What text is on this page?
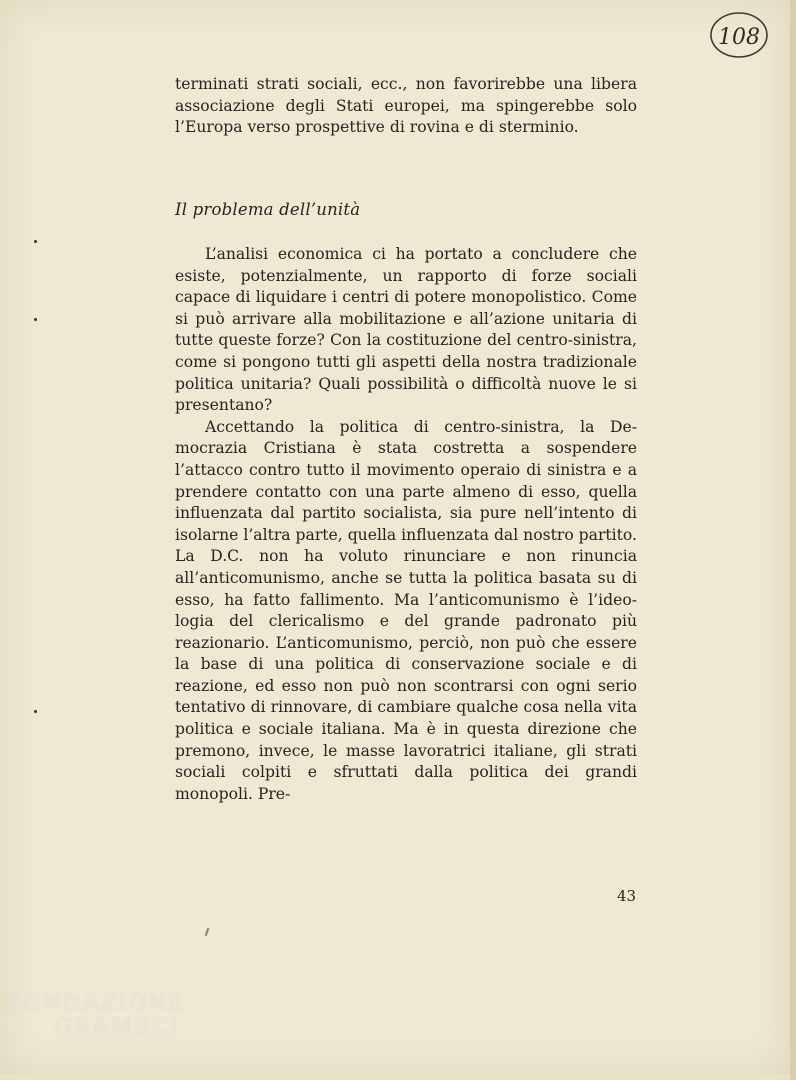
108

terminati strati sociali, ecc., non favorirebbe una libera associazione degli Stati europei, ma spingerebbe solo l’Europa verso prospettive di rovina e di sterminio.

Il problema dell’unità

L’analisi economica ci ha portato a concludere che esiste, potenzialmente, un rapporto di forze sociali capace di liquidare i centri di potere monopolistico. Come si può arrivare alla mobilitazione e all’azione unitaria di tutte queste forze? Con la costituzione del centro-sinistra, come si pongono tutti gli aspetti della nostra tradizionale politica unitaria? Quali possibilità o difficoltà nuove le si presentano?

Accettando la politica di centro-sinistra, la Democrazia Cristiana è stata costretta a sospendere l’attacco contro tutto il movimento operaio di sinistra e a prendere contatto con una parte almeno di esso, quella influenzata dal partito socialista, sia pure nell’intento di isolarne l’altra parte, quella influenzata dal nostro partito. La D.C. non ha voluto rinunciare e non rinuncia all’anticomunismo, anche se tutta la politica basata su di esso, ha fatto fallimento. Ma l’anticomunismo è l’ideologia del clericalismo e del grande padronato più reazionario. L’anticomunismo, perciò, non può che essere la base di una politica di conservazione sociale e di reazione, ed esso non può non scontrarsi con ogni serio tentativo di rinnovare, di cambiare qualche cosa nella vita politica e sociale italiana. Ma è in questa direzione che premono, invece, le masse lavoratrici italiane, gli strati sociali colpiti e sfruttati dalla politica dei grandi monopoli. Pre-

43
FONDAZIONE
GRAMSCI
